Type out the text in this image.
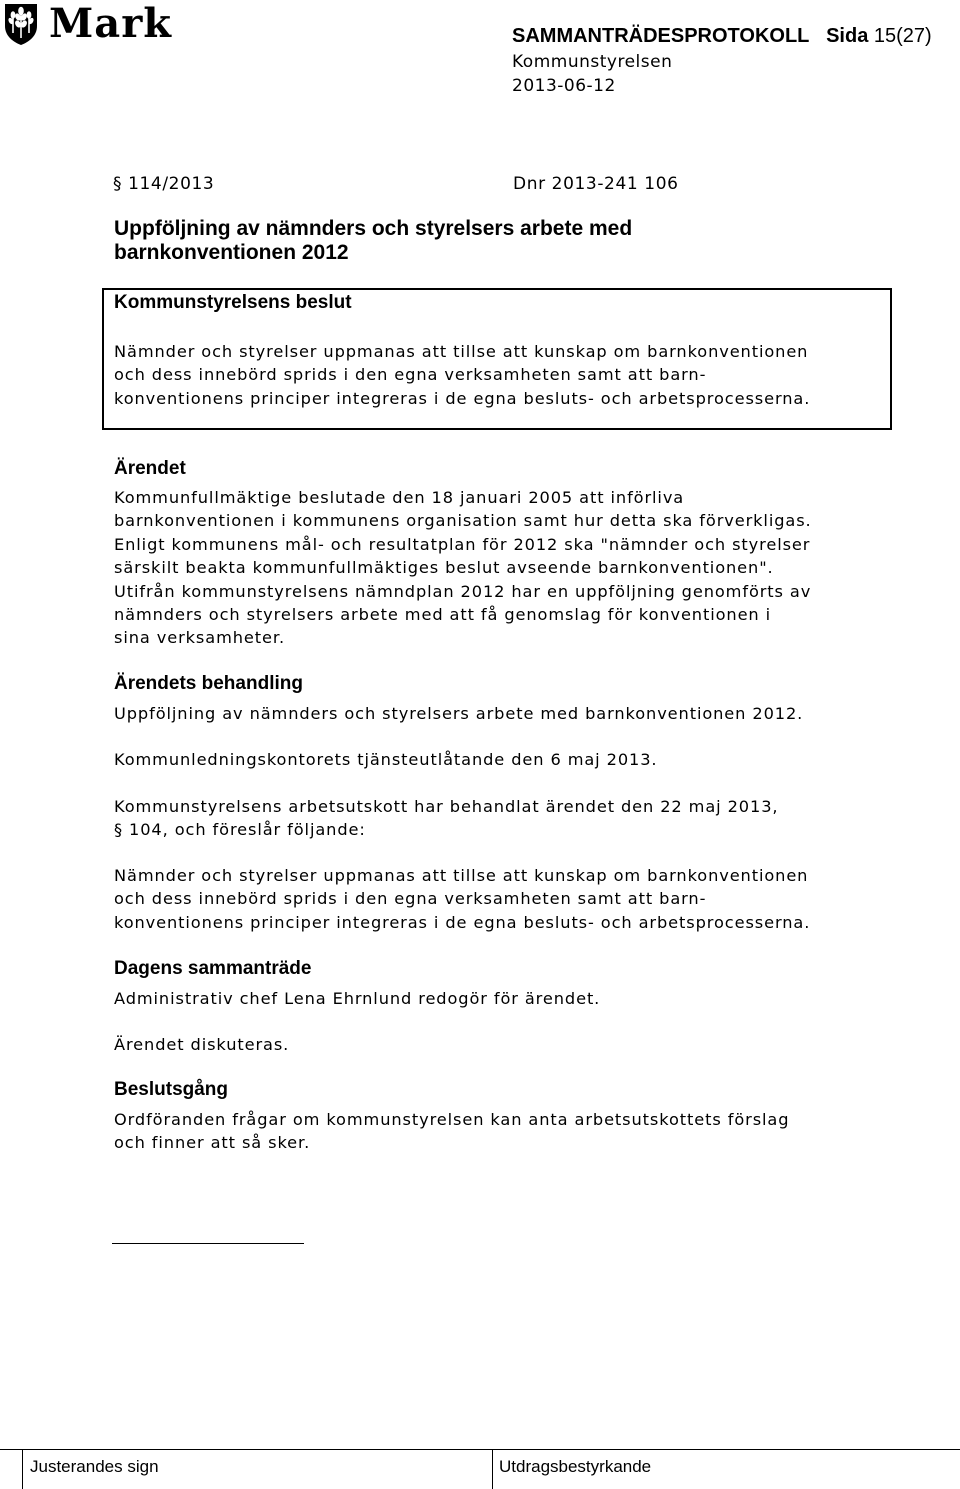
Mark	SAMMANTRÄDESPROTOKOLL Sida 15(27)
Kommunstyrelsen
2013-06-12
§ 114/2013	Dnr 2013-241 106
Uppföljning av nämnders och styrelsers arbete med
barnkonventionen 2012
Kommunstyrelsens beslut
Nämnder och styrelser uppmanas att tillse att kunskap om barnkonventionen
och dess innebörd sprids i den egna verksamheten samt att barn-
konventionens principer integreras i de egna besluts- och arbetsprocesserna.
Ärendet
Kommunfullmäktige beslutade den 18 januari 2005 att införliva
barnkonventionen i kommunens organisation samt hur detta ska förverkligas.
Enligt kommunens mål- och resultatplan för 2012 ska "nämnder och styrelser
särskilt beakta kommunfullmäktiges beslut avseende barnkonventionen".
Utifrån kommunstyrelsens nämndplan 2012 har en uppföljning genomförts av
nämnders och styrelsers arbete med att få genomslag för konventionen i
sina verksamheter.
Ärendets behandling
Uppföljning av nämnders och styrelsers arbete med barnkonventionen 2012.
Kommunledningskontorets tjänsteutlåtande den 6 maj 2013.
Kommunstyrelsens arbetsutskott har behandlat ärendet den 22 maj 2013,
§ 104, och föreslår följande:
Nämnder och styrelser uppmanas att tillse att kunskap om barnkonventionen
och dess innebörd sprids i den egna verksamheten samt att barn-
konventionens principer integreras i de egna besluts- och arbetsprocesserna.
Dagens sammanträde
Administrativ chef Lena Ehrnlund redogör för ärendet.
Ärendet diskuteras.
Beslutsgång
Ordföranden frågar om kommunstyrelsen kan anta arbetsutskottets förslag
och finner att så sker.
Justerandes sign	Utdragsbestyrkande
